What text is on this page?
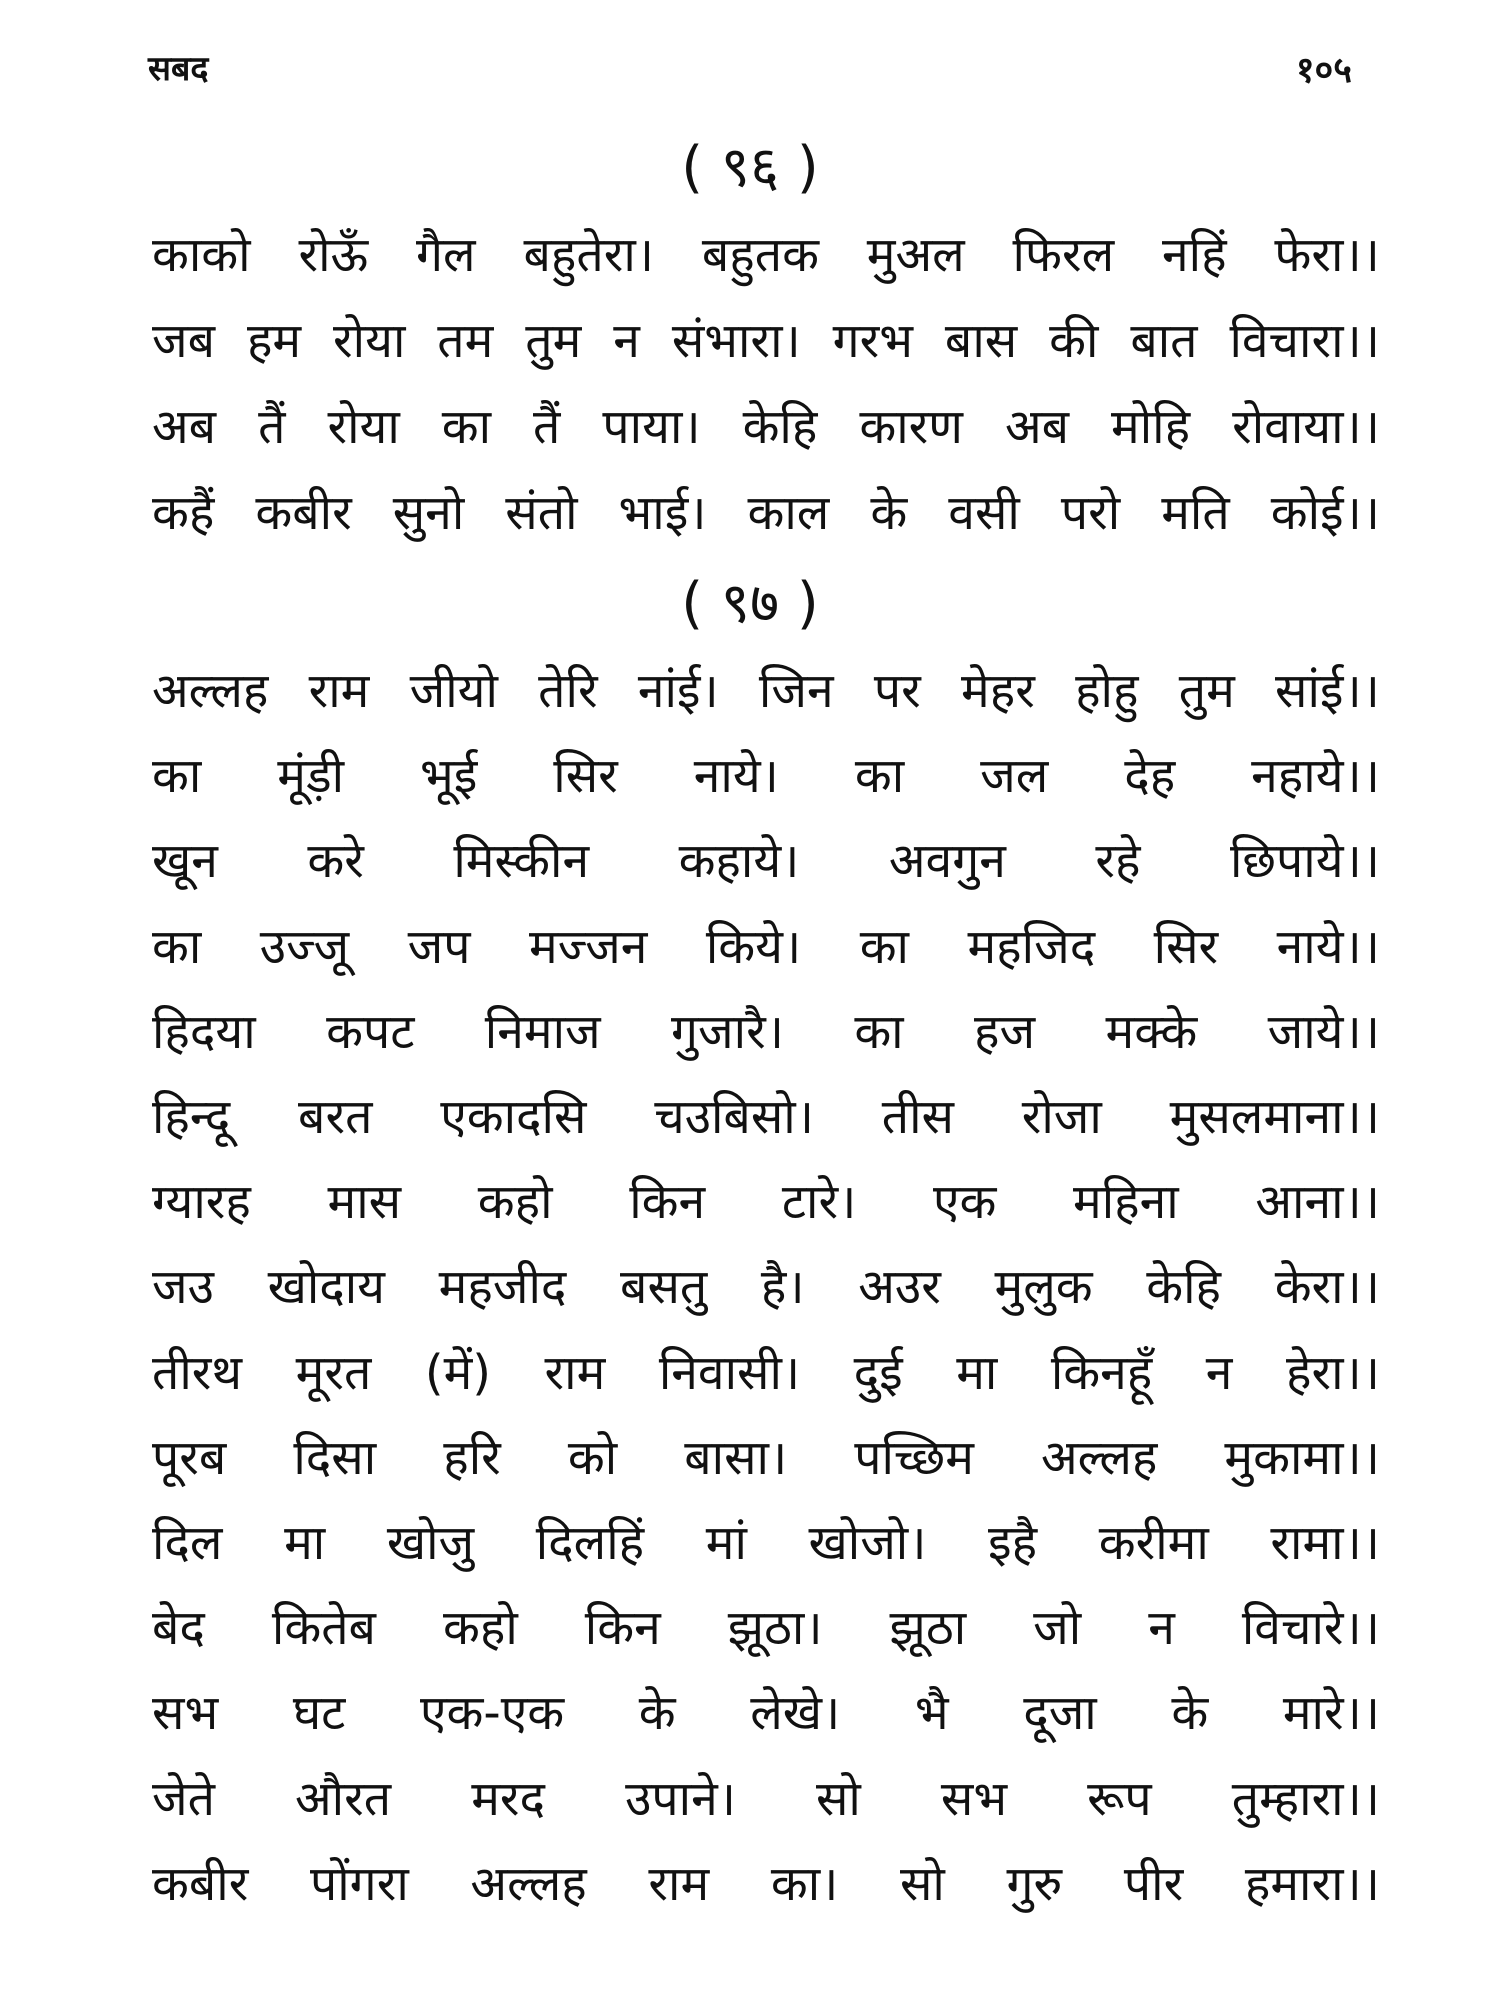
सबद	१०५
( ९६ )
काको रोऊँ गैल बहुतेरा। बहुतक मुअल फिरल नहिं फेरा।।
जब हम रोया तम तुम न संभारा। गरभ बास की बात विचारा।।
अब तैं रोया का तैं पाया। केहि कारण अब मोहि रोवाया।।
कहैं कबीर सुनो संतो भाई। काल के वसी परो मति कोई।।
( ९७ )
अल्लह राम जीयो तेरि नांई। जिन पर मेहर होहु तुम सांई।।
का मूंड़ी भूई सिर नाये। का जल देह नहाये।।
खून करे मिस्कीन कहाये। अवगुन रहे छिपाये।।
का उज्जू जप मज्जन किये। का महजिद सिर नाये।।
हिदया कपट निमाज गुजारै। का हज मक्के जाये।।
हिन्दू बरत एकादसि चउबिसो। तीस रोजा मुसलमाना।।
ग्यारह मास कहो किन टारे। एक महिना आना।।
जउ खोदाय महजीद बसतु है। अउर मुलुक केहि केरा।।
तीरथ मूरत (में) राम निवासी। दुई मा किनहूँ न हेरा।।
पूरब दिसा हरि को बासा। पच्छिम अल्लह मुकामा।।
दिल मा खोजु दिलहिं मां खोजो। इहै करीमा रामा।।
बेद कितेब कहो किन झूठा। झूठा जो न विचारे।।
सभ घट एक-एक के लेखे। भै दूजा के मारे।।
जेते औरत मरद उपाने। सो सभ रूप तुम्हारा।।
कबीर पोंगरा अल्लह राम का। सो गुरु पीर हमारा।।
